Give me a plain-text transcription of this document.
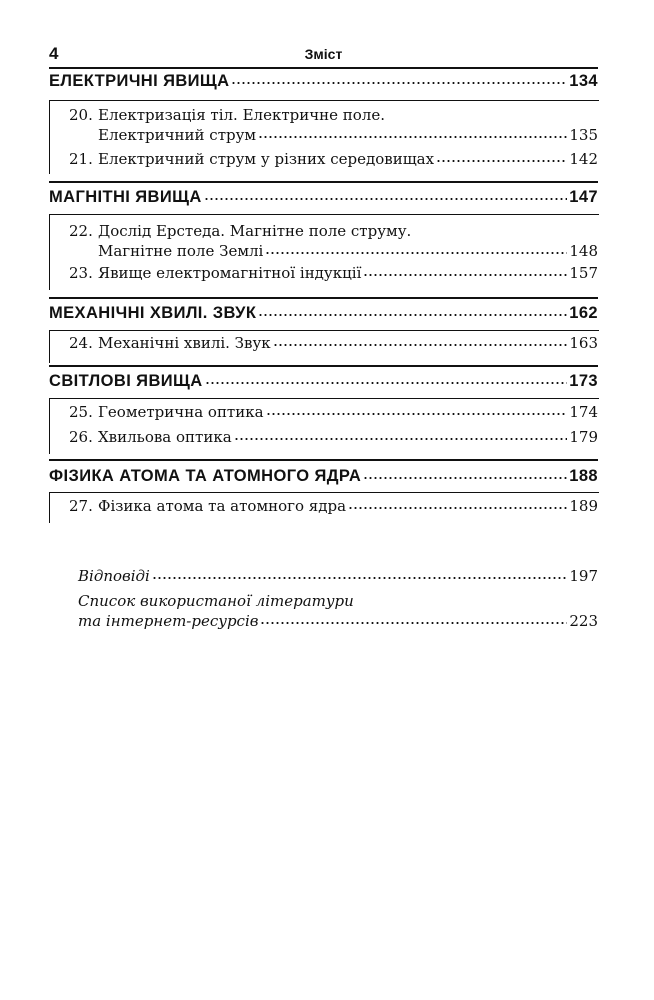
4	Зміст
ЕЛЕКТРИЧНІ ЯВИЩА	134
20. Електризація тіл. Електричне поле.
Електричний струм	135
21. Електричний струм у різних середовищах	142
МАГНІТНІ ЯВИЩА	147
22. Дослід Ерстеда. Магнітне поле струму.
Магнітне поле Землі	148
23. Явище електромагнітної індукції	157
МЕХАНІЧНІ ХВИЛІ. ЗВУК	162
24. Механічні хвилі. Звук	163
СВІТЛОВІ ЯВИЩА	173
25. Геометрична оптика	174
26. Хвильова оптика	179
ФІЗИКА АТОМА ТА АТОМНОГО ЯДРА	188
27. Фізика атома та атомного ядра	189
Відповіді	197
Список використаної літератури
та інтернет-ресурсів	223
